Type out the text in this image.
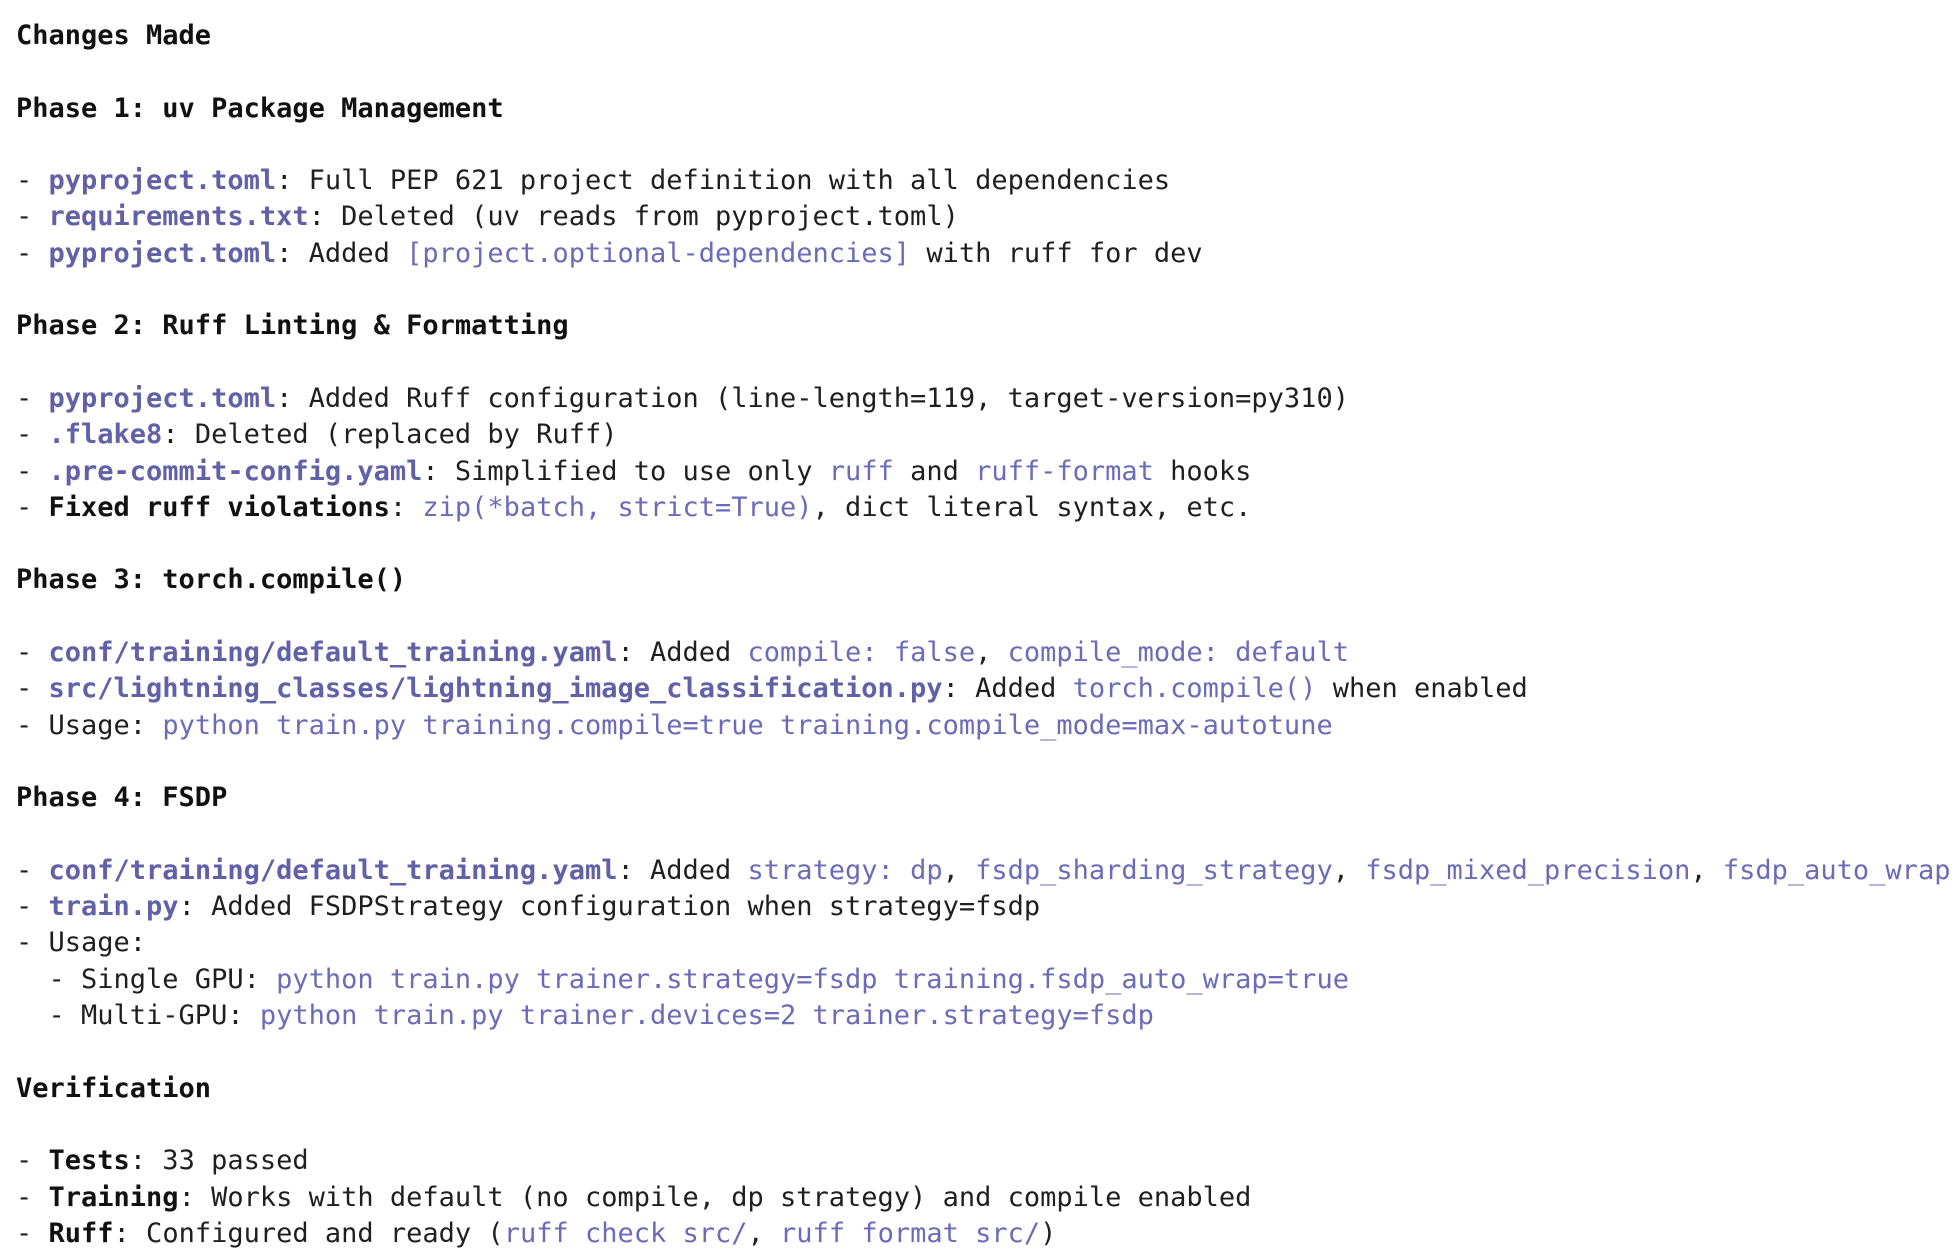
Changes Made
Phase 1: uv Package Management
- pyproject.toml: Full PEP 621 project definition with all dependencies
- requirements.txt: Deleted (uv reads from pyproject.toml)
- pyproject.toml: Added [project.optional-dependencies] with ruff for dev
Phase 2: Ruff Linting & Formatting
- pyproject.toml: Added Ruff configuration (line-length=119, target-version=py310)
- .flake8: Deleted (replaced by Ruff)
- .pre-commit-config.yaml: Simplified to use only ruff and ruff-format hooks
- Fixed ruff violations: zip(*batch, strict=True), dict literal syntax, etc.
Phase 3: torch.compile()
- conf/training/default_training.yaml: Added compile: false, compile_mode: default
- src/lightning_classes/lightning_image_classification.py: Added torch.compile() when enabled
- Usage: python train.py training.compile=true training.compile_mode=max-autotune
Phase 4: FSDP
- conf/training/default_training.yaml: Added strategy: dp, fsdp_sharding_strategy, fsdp_mixed_precision, fsdp_auto_wrap
- train.py: Added FSDPStrategy configuration when strategy=fsdp
- Usage:
- Single GPU: python train.py trainer.strategy=fsdp training.fsdp_auto_wrap=true
- Multi-GPU: python train.py trainer.devices=2 trainer.strategy=fsdp
Verification
- Tests: 33 passed
- Training: Works with default (no compile, dp strategy) and compile enabled
- Ruff: Configured and ready (ruff check src/, ruff format src/)
